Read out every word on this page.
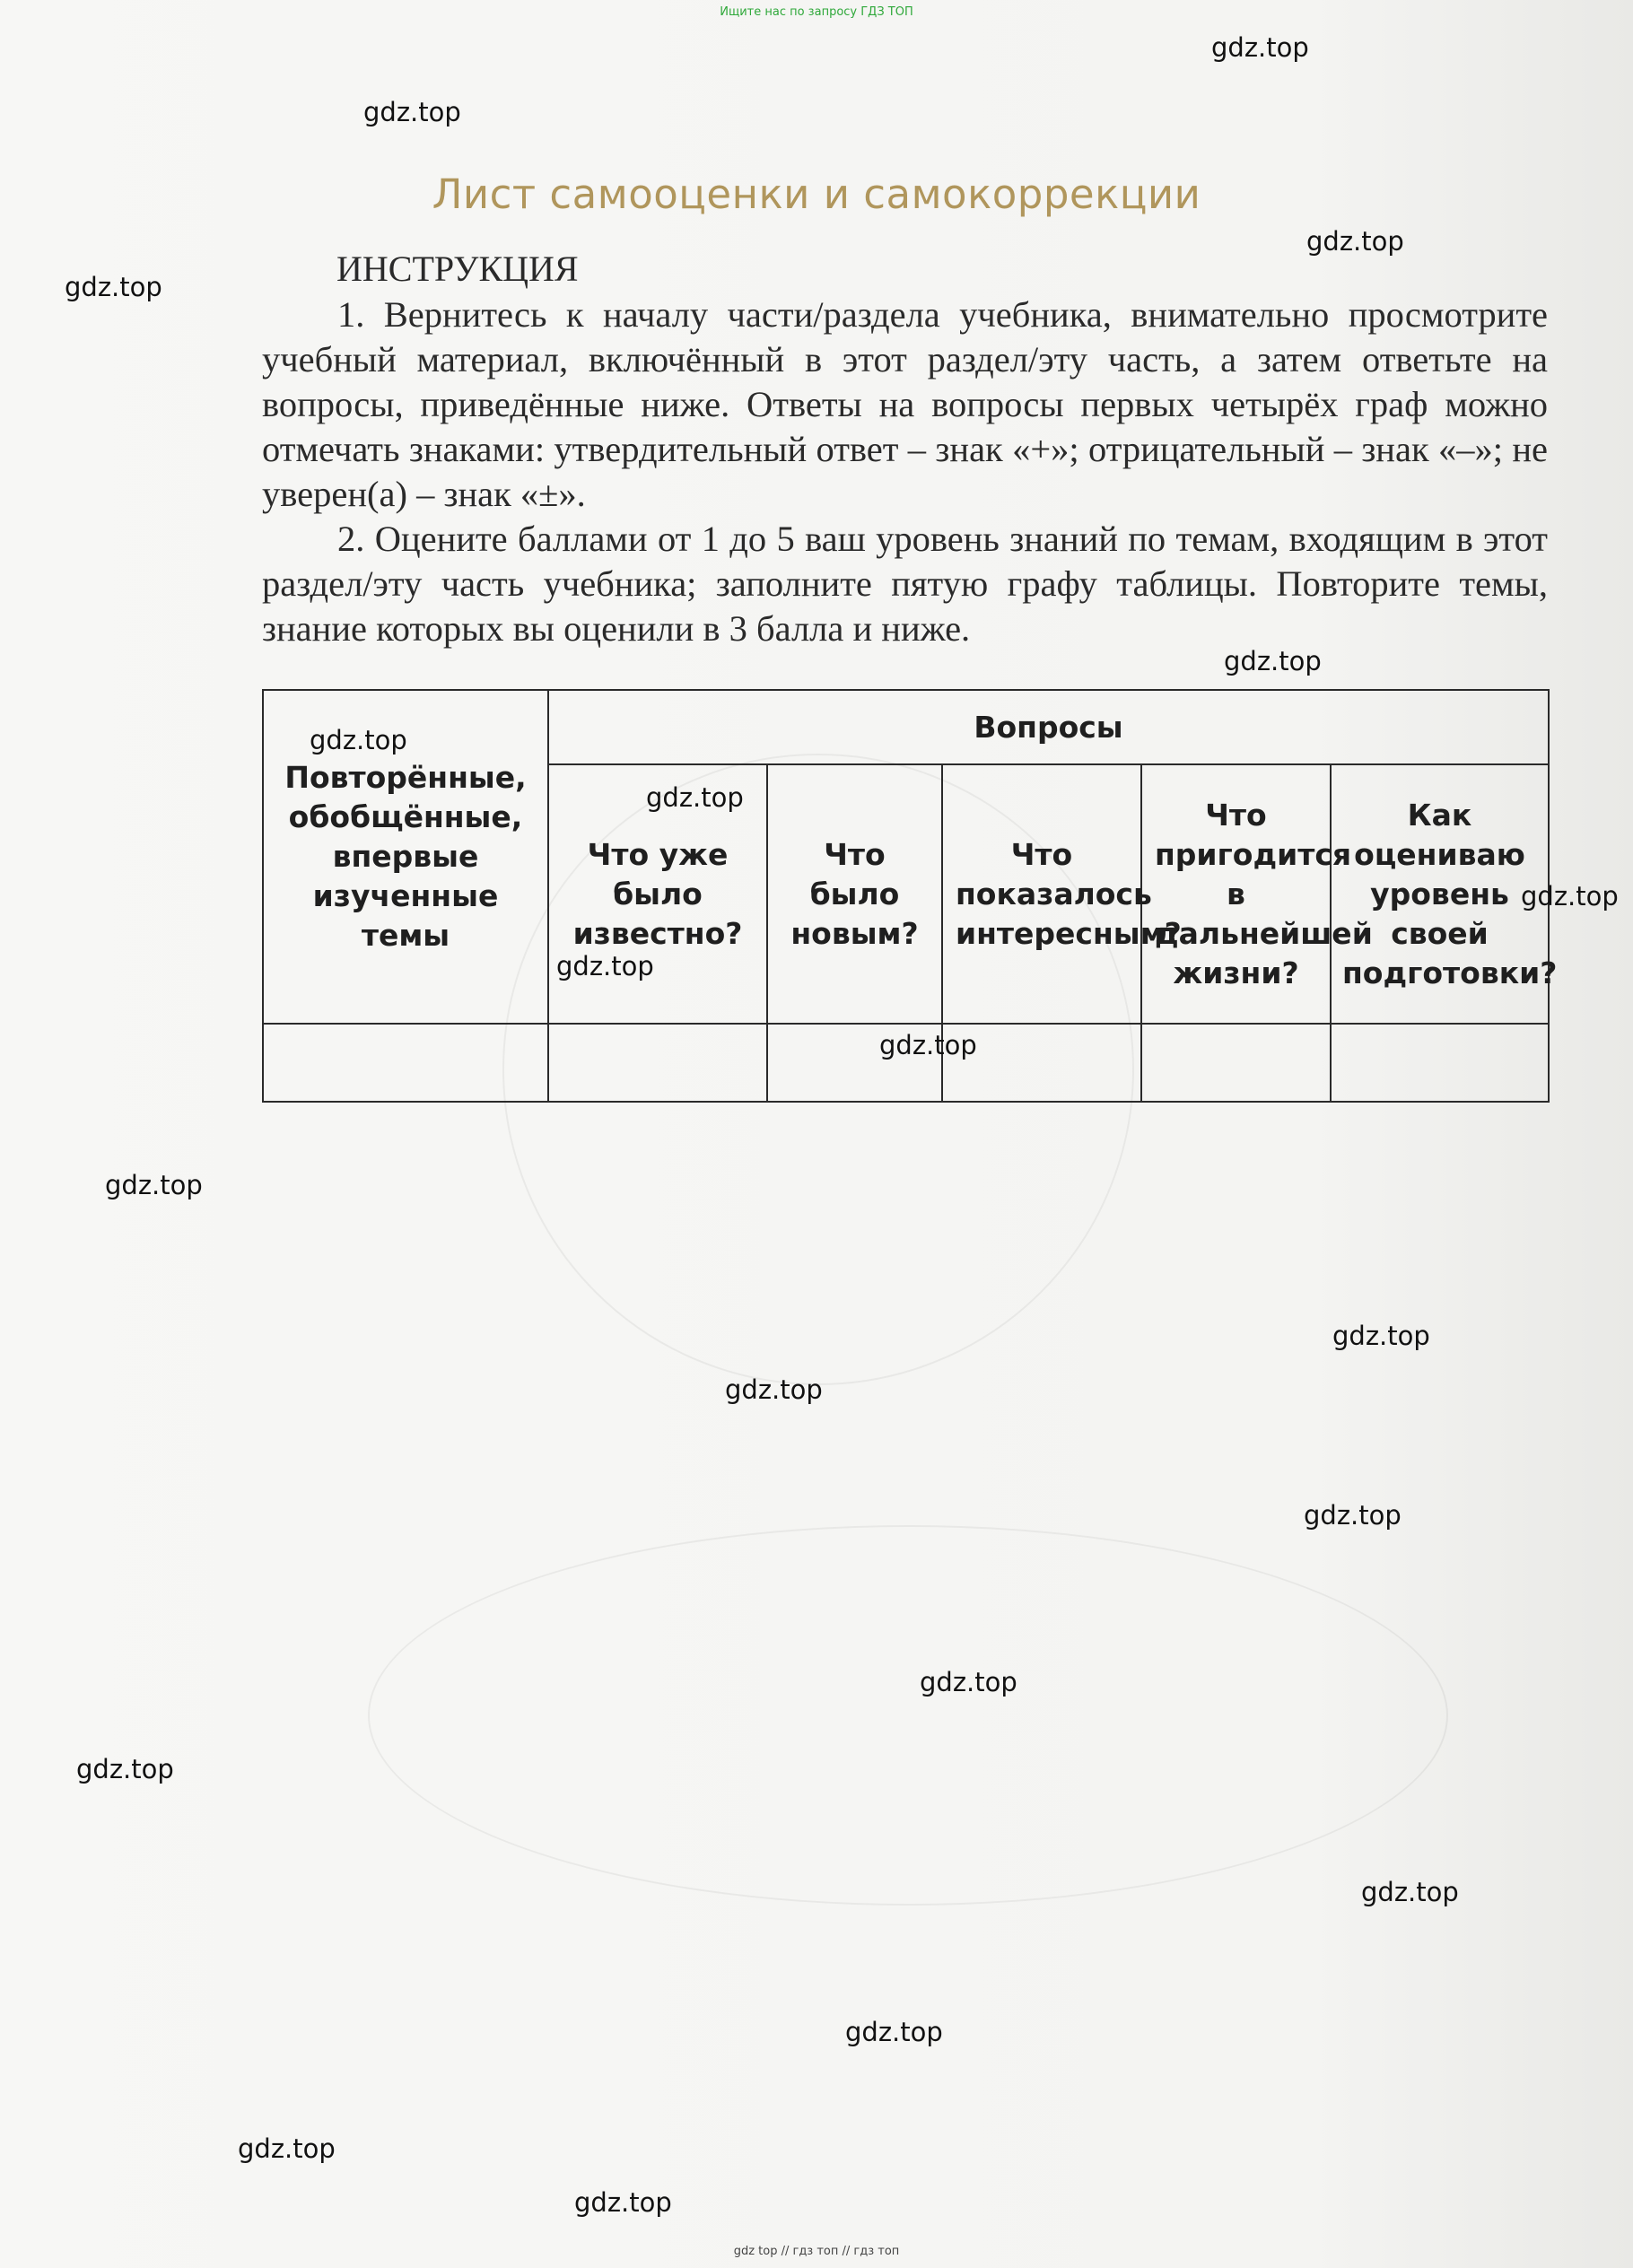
Ищите нас по запросу ГДЗ ТОП
Лист самооценки и самокоррекции
ИНСТРУКЦИЯ

1. Вернитесь к началу части/раздела учебника, внимательно просмотрите учебный материал, включённый в этот раздел/эту часть, а затем ответьте на вопросы, приведённые ниже. Ответы на вопросы первых четырёх граф можно отмечать знаками: утвердительный ответ – знак «+»; отрицательный – знак «–»; не уверен(а) – знак «±».

2. Оцените баллами от 1 до 5 ваш уровень знаний по темам, входящим в этот раздел/эту часть учебника; заполните пятую графу таблицы. Повторите темы, знание которых вы оценили в 3 балла и ниже.

Повторённые, обобщённые, впервые изученные темы	Вопросы				
	Что уже было известно?	Что было новым?	Что показалось интересным?	Что пригодится в дальнейшей жизни?	Как оцениваю уровень своей подготовки?

gdz.top
gdz.top
gdz.top
gdz.top
gdz.top
gdz.top
gdz.top
gdz.top
gdz.top
gdz.top
gdz.top
gdz.top
gdz.top
gdz.top
gdz.top
gdz.top
gdz.top
gdz.top
gdz.top
gdz.top
gdz top // гдз топ // гдз топ
